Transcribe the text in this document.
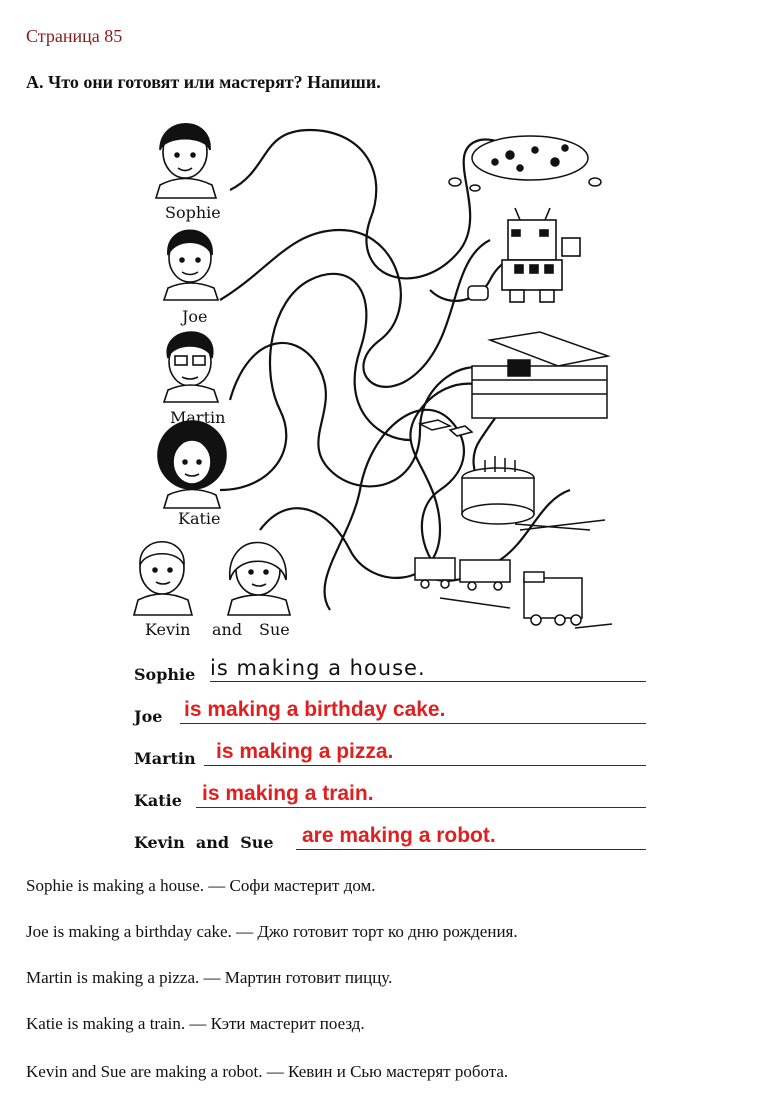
Страница 85
A. Что они готовят или мастерят? Напиши.
Sophie
Joe
Martin
Katie
Kevin and Sue
Sophie is making a house.
Joe is making a birthday cake.
Martin is making a pizza.
Katie is making a train.
Kevin  and  Sue are making a robot.
Sophie is making a house. — Софи мастерит дом.
Joe is making a birthday cake. — Джо готовит торт ко дню рождения.
Martin is making a pizza. — Мартин готовит пиццу.
Katie is making a train. — Кэти мастерит поезд.
Kevin and Sue are making a robot. — Кевин и Сью мастерят робота.
